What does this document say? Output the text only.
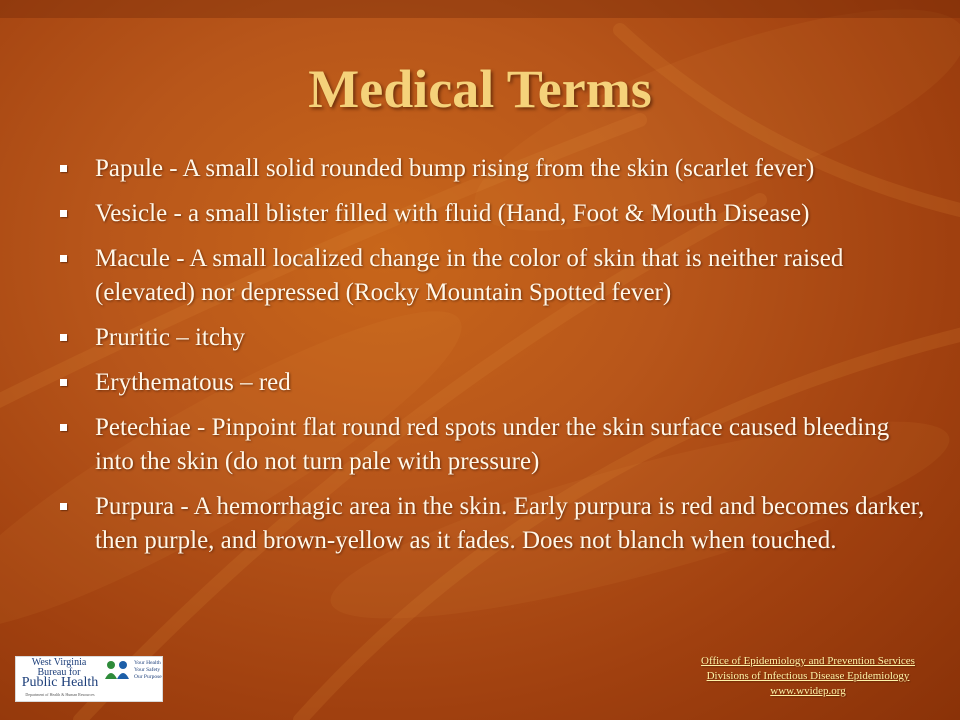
Medical Terms
Papule - A small solid rounded bump rising from the skin (scarlet fever)
Vesicle - a small blister filled with fluid (Hand, Foot & Mouth Disease)
Macule - A small localized change in the color of skin that is neither raised (elevated) nor depressed (Rocky Mountain Spotted fever)
Pruritic – itchy
Erythematous – red
Petechiae - Pinpoint flat round red spots under the skin surface caused bleeding into the skin (do not turn pale with pressure)
Purpura - A hemorrhagic area in the skin. Early purpura is red and becomes darker, then purple, and brown-yellow as it fades. Does not blanch when touched.
West Virginia Bureau for
Public Health
Department of Health & Human Resources
Your Health
Your Safety
Our Purpose
Office of Epidemiology and Prevention Services
Divisions of Infectious Disease Epidemiology
www.wvidep.org
